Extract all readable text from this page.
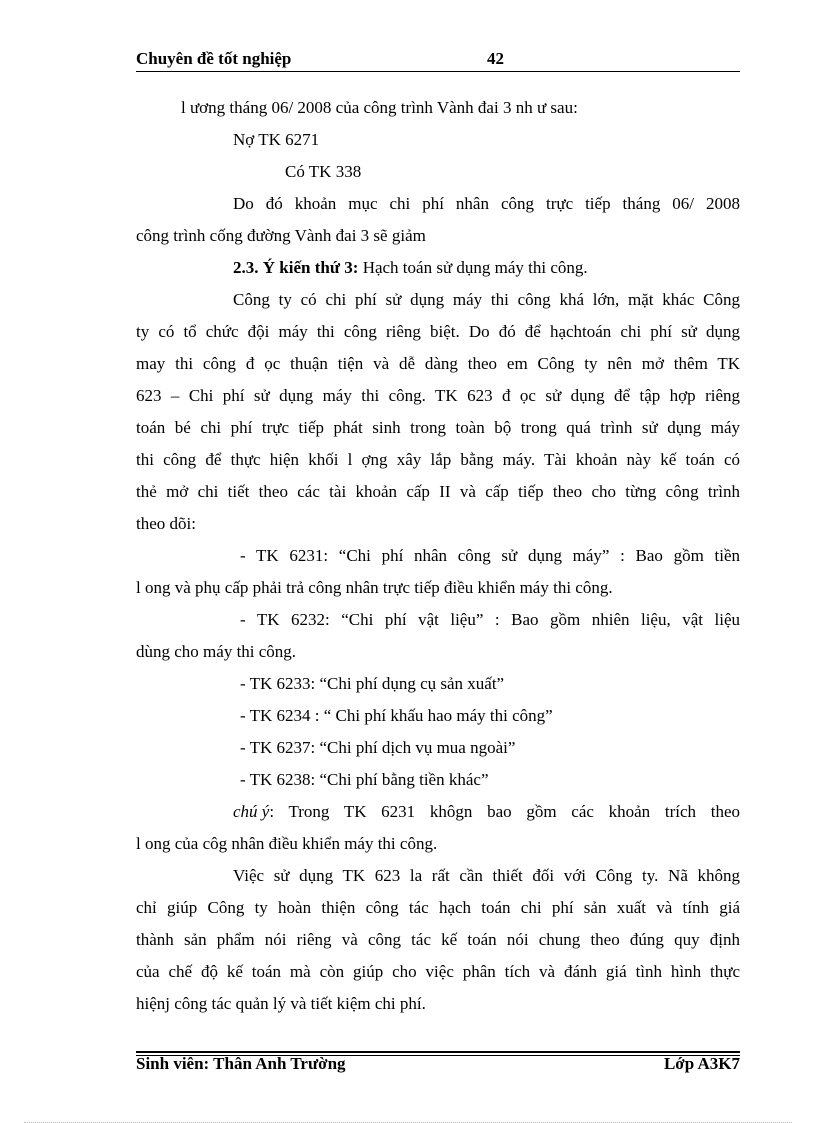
Chuyên đề tốt nghiệp	42
l ương tháng 06/ 2008 của công trình Vành đai 3 nh ư sau:
Nợ TK 6271
Có TK 338
Do đó khoản mục chi phí nhân công trực tiếp tháng 06/ 2008
công trình cống đường Vành đai 3 sẽ giảm
2.3. Ý kiến thứ 3: Hạch toán sử dụng máy thi công.
Công ty có chi phí sử dụng máy thi công khá lớn, mặt khác Công
ty có tổ chức đội máy thi công riêng biệt. Do đó để hạchtoán chi phí sử dụng
may thi công đ ọc thuận tiện và dễ dàng theo em Công ty nên mở thêm TK
623 – Chi phí sử dụng máy thi công. TK 623 đ ọc sử dụng để tập hợp riêng
toán bé chi phí trực tiếp phát sinh trong toàn bộ trong quá trình sử dụng máy
thi công để thực hiện khối l ợng xây lắp bằng máy. Tài khoản này kế toán có
thẻ mở chi tiết theo các tài khoản cấp II và cấp tiếp theo cho từng công trình
theo dõi:
- TK 6231: “Chi phí nhân công sử dụng máy” : Bao gồm tiền
l ong và phụ cấp phải trả công nhân trực tiếp điều khiển máy thi công.
- TK 6232: “Chi phí vật liệu” : Bao gồm nhiên liệu, vật liệu
dùng cho máy thi công.
- TK 6233: “Chi phí dụng cụ sản xuất”
- TK 6234 : “ Chi phí khấu hao máy thi công”
- TK 6237: “Chi phí dịch vụ mua ngoài”
- TK 6238: “Chi phí bằng tiền khác”
chú ý : Trong TK 6231 khôgn bao gồm các khoản trích theo
l ong của côg nhân điều khiển máy thi công.
Việc sử dụng TK 623 la rất cần thiết đối với Công ty. Nã không
chỉ giúp Công ty hoàn thiện công tác hạch toán chi phí sản xuất và tính giá
thành sản phẩm nói riêng và công tác kế toán nói chung theo đúng quy định
của chế độ kế toán mà còn giúp cho việc phân tích và đánh giá tình hình thực
hiệnj công tác quản lý và tiết kiệm chi phí.
Sinh viên: Thân Anh Trường	Lớp A3K7
